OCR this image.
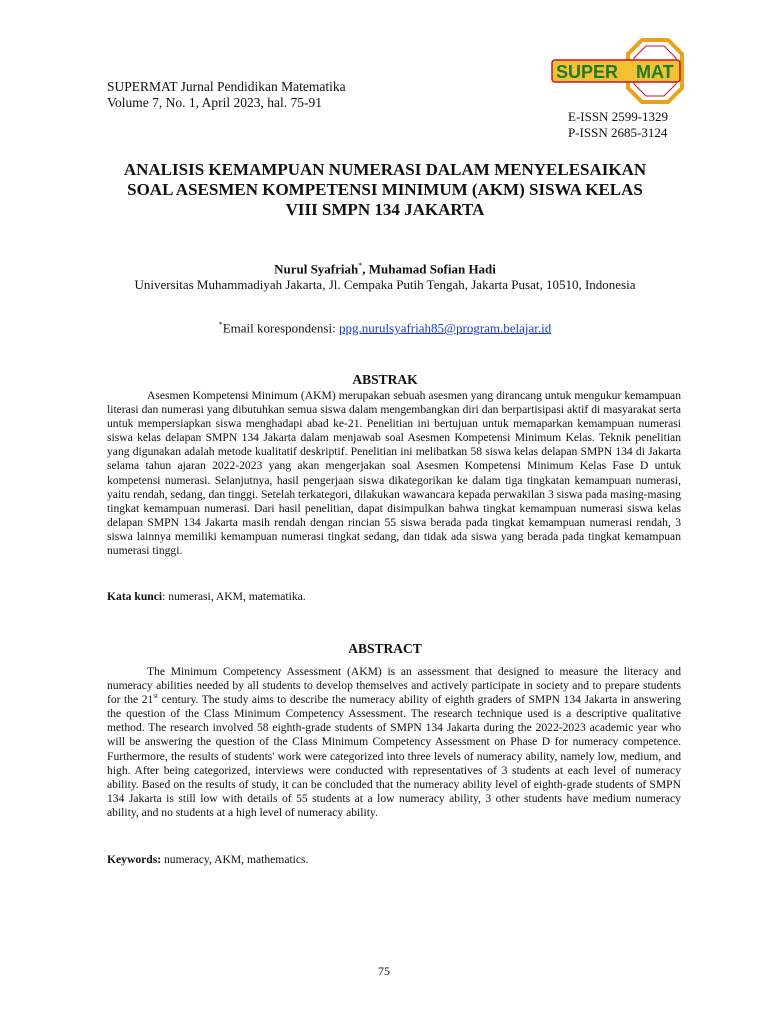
SUPERMAT Jurnal Pendidikan Matematika
Volume 7, No. 1, April 2023, hal. 75-91
SUPER MAT
E-ISSN 2599-1329
P-ISSN 2685-3124
ANALISIS KEMAMPUAN NUMERASI DALAM MENYELESAIKAN
SOAL ASESMEN KOMPETENSI MINIMUM (AKM) SISWA KELAS
VIII SMPN 134 JAKARTA
Nurul Syafriah*, Muhamad Sofian Hadi
Universitas Muhammadiyah Jakarta, Jl. Cempaka Putih Tengah, Jakarta Pusat, 10510, Indonesia
*Email korespondensi: ppg.nurulsyafriah85@program.belajar.id
ABSTRAK
Asesmen Kompetensi Minimum (AKM) merupakan sebuah asesmen yang dirancang untuk mengukur kemampuan literasi dan numerasi yang dibutuhkan semua siswa dalam mengembangkan diri dan berpartisipasi aktif di masyarakat serta untuk mempersiapkan siswa menghadapi abad ke-21. Penelitian ini bertujuan untuk memaparkan kemampuan numerasi siswa kelas delapan SMPN 134 Jakarta dalam menjawab soal Asesmen Kompetensi Minimum Kelas. Teknik penelitian yang digunakan adalah metode kualitatif deskriptif. Penelitian ini melibatkan 58 siswa kelas delapan SMPN 134 di Jakarta selama tahun ajaran 2022-2023 yang akan mengerjakan soal Asesmen Kompetensi Minimum Kelas Fase D untuk kompetensi numerasi. Selanjutnya, hasil pengerjaan siswa dikategorikan ke dalam tiga tingkatan kemampuan numerasi, yaitu rendah, sedang, dan tinggi. Setelah terkategori, dilakukan wawancara kepada perwakilan 3 siswa pada masing-masing tingkat kemampuan numerasi. Dari hasil penelitian, dapat disimpulkan bahwa tingkat kemampuan numerasi siswa kelas delapan SMPN 134 Jakarta masih rendah dengan rincian 55 siswa berada pada tingkat kemampuan numerasi rendah, 3 siswa lainnya memiliki kemampuan numerasi tingkat sedang, dan tidak ada siswa yang berada pada tingkat kemampuan numerasi tinggi.
Kata kunci: numerasi, AKM, matematika.
ABSTRACT
The Minimum Competency Assessment (AKM) is an assessment that designed to measure the literacy and numeracy abilities needed by all students to develop themselves and actively participate in society and to prepare students for the 21st century. The study aims to describe the numeracy ability of eighth graders of SMPN 134 Jakarta in answering the question of the Class Minimum Competency Assessment. The research technique used is a descriptive qualitative method. The research involved 58 eighth-grade students of SMPN 134 Jakarta during the 2022-2023 academic year who will be answering the question of the Class Minimum Competency Assessment on Phase D for numeracy competence. Furthermore, the results of students' work were categorized into three levels of numeracy ability, namely low, medium, and high. After being categorized, interviews were conducted with representatives of 3 students at each level of numeracy ability. Based on the results of study, it can be concluded that the numeracy ability level of eighth-grade students of SMPN 134 Jakarta is still low with details of 55 students at a low numeracy ability, 3 other students have medium numeracy ability, and no students at a high level of numeracy ability.
Keywords: numeracy, AKM, mathematics.
75
